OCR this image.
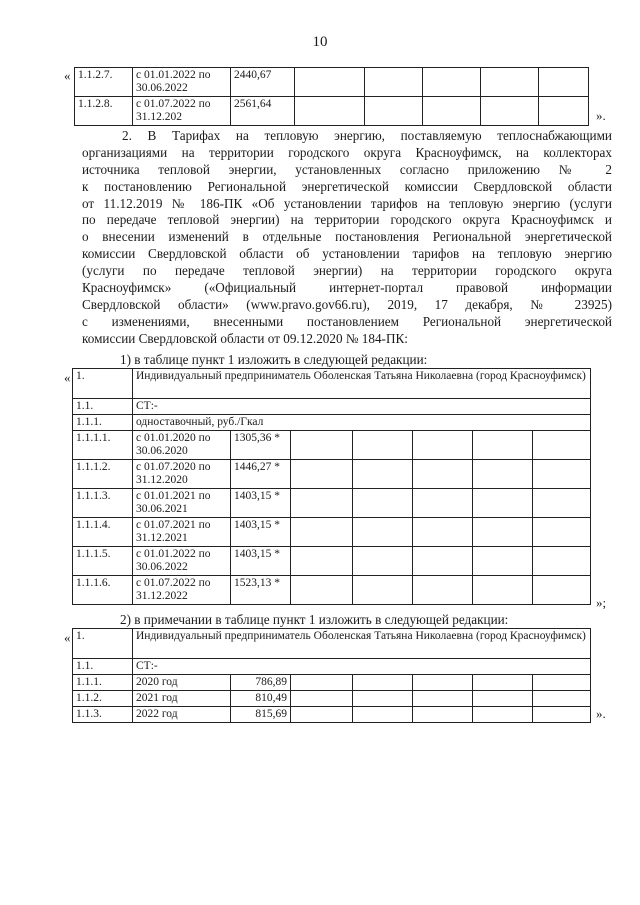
10
« 1.1.2.7.	с 01.01.2022 по 30.06.2022	2440,67					
1.1.2.8.	с 01.07.2022 по 31.12.202	2561,64					
».
2. В Тарифах на тепловую энергию, поставляемую теплоснабжающими
организациями на территории городского округа Красноуфимск, на коллекторах
источника тепловой энергии, установленных согласно приложению № 2
к постановлению Региональной энергетической комиссии Свердловской области
от 11.12.2019 № 186-ПК «Об установлении тарифов на тепловую энергию (услуги
по передаче тепловой энергии) на территории городского округа Красноуфимск и
о внесении изменений в отдельные постановления Региональной энергетической
комиссии Свердловской области об установлении тарифов на тепловую энергию
(услуги по передаче тепловой энергии) на территории городского округа
Красноуфимск» («Официальный интернет-портал правовой информации
Свердловской области» (www.pravo.gov66.ru), 2019, 17 декабря, № 23925)
с изменениями, внесенными постановлением Региональной энергетической
комиссии Свердловской области от 09.12.2020 № 184-ПК:
1) в таблице пункт 1 изложить в следующей редакции:
« 1.	Индивидуальный предприниматель Оболенская Татьяна Николаевна (город Красноуфимск)						
1.1.	СТ:-						
1.1.1.	одноставочный, руб./Гкал						
1.1.1.1.	с 01.01.2020 по 30.06.2020	1305,36 *					
1.1.1.2.	с 01.07.2020 по 31.12.2020	1446,27 *					
1.1.1.3.	с 01.01.2021 по 30.06.2021	1403,15 *					
1.1.1.4.	с 01.07.2021 по 31.12.2021	1403,15 *					
1.1.1.5.	с 01.01.2022 по 30.06.2022	1403,15 *					
1.1.1.6.	с 01.07.2022 по 31.12.2022	1523,13 *					
»;
2) в примечании в таблице пункт 1 изложить в следующей редакции:
« 1.	Индивидуальный предприниматель Оболенская Татьяна Николаевна (город Красноуфимск)						
1.1.	СТ:-						
1.1.1.	2020 год	786,89					
1.1.2.	2021 год	810,49					
1.1.3.	2022 год	815,69						».
